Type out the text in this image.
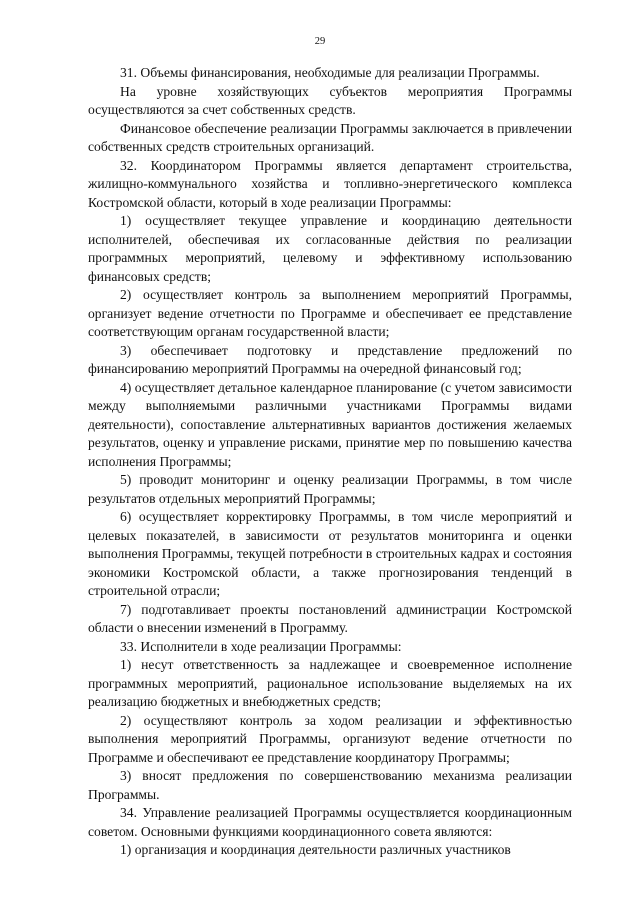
29

31. Объемы финансирования, необходимые для реализации Программы.

На уровне хозяйствующих субъектов мероприятия Программы осуществляются за счет собственных средств.

Финансовое обеспечение реализации Программы заключается в привлечении собственных средств строительных организаций.

32. Координатором Программы является департамент строительства, жилищно-коммунального хозяйства и топливно-энергетического комплекса Костромской области, который в ходе реализации Программы:

1) осуществляет текущее управление и координацию деятельности исполнителей, обеспечивая их согласованные действия по реализации программных мероприятий, целевому и эффективному использованию финансовых средств;

2) осуществляет контроль за выполнением мероприятий Программы, организует ведение отчетности по Программе и обеспечивает ее представление соответствующим органам государственной власти;

3) обеспечивает подготовку и представление предложений по финансированию мероприятий Программы на очередной финансовый год;

4) осуществляет детальное календарное планирование (с учетом зависимости между выполняемыми различными участниками Программы видами деятельности), сопоставление альтернативных вариантов достижения желаемых результатов, оценку и управление рисками, принятие мер по повышению качества исполнения Программы;

5) проводит мониторинг и оценку реализации Программы, в том числе результатов отдельных мероприятий Программы;

6) осуществляет корректировку Программы, в том числе мероприятий и целевых показателей, в зависимости от результатов мониторинга и оценки выполнения Программы, текущей потребности в строительных кадрах и состояния экономики Костромской области, а также прогнозирования тенденций в строительной отрасли;

7) подготавливает проекты постановлений администрации Костромской области о внесении изменений в Программу.

33. Исполнители в ходе реализации Программы:

1) несут ответственность за надлежащее и своевременное исполнение программных мероприятий, рациональное использование выделяемых на их реализацию бюджетных и внебюджетных средств;

2) осуществляют контроль за ходом реализации и эффективностью выполнения мероприятий Программы, организуют ведение отчетности по Программе и обеспечивают ее представление координатору Программы;

3) вносят предложения по совершенствованию механизма реализации Программы.

34. Управление реализацией Программы осуществляется координационным советом. Основными функциями координационного совета являются:

1) организация и координация деятельности различных участников
